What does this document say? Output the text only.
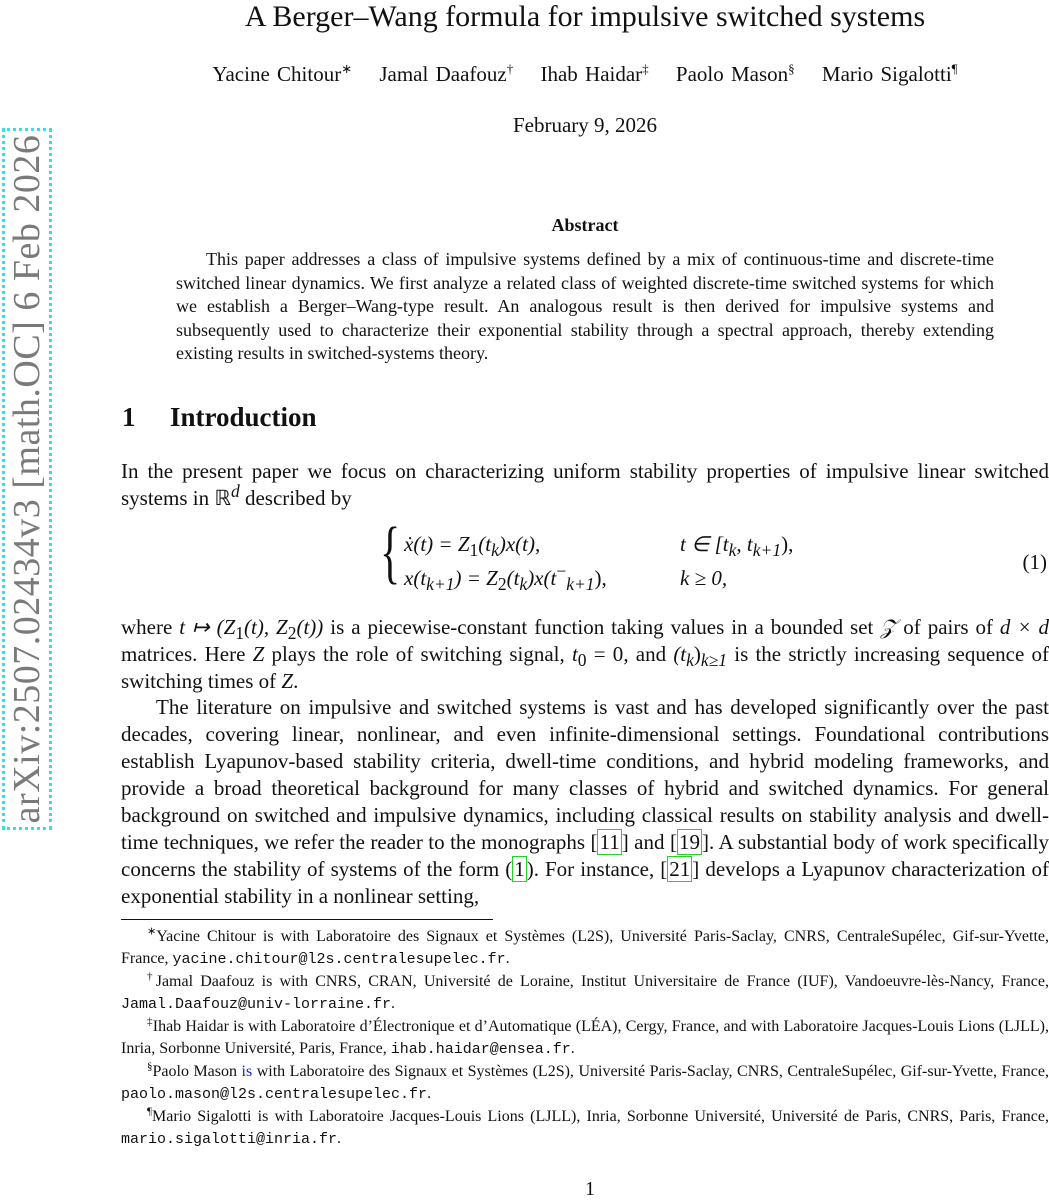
arXiv:2507.02434v3 [math.OC] 6 Feb 2026
A Berger–Wang formula for impulsive switched systems
Yacine Chitour∗ Jamal Daafouz† Ihab Haidar‡ Paolo Mason§ Mario Sigalotti¶
February 9, 2026
Abstract
This paper addresses a class of impulsive systems defined by a mix of continuous-time and discrete-time switched linear dynamics. We first analyze a related class of weighted discrete-time switched systems for which we establish a Berger–Wang-type result. An analogous result is then derived for impulsive systems and subsequently used to characterize their exponential stability through a spectral approach, thereby extending existing results in switched-systems theory.
1 Introduction
In the present paper we focus on characterizing uniform stability properties of impulsive linear switched systems in ℝ$^d$ described by
{ ẋ(t) = $Z_1(t_k)x(t)$,	t ∈ [$t_k$, $t_{k+1}$),
$x(t_{k+1}) = Z_2(t_k)x(t^-_{k+1})$,	k ≥ 0,
(1)
where t ↦ ($Z_1(t)$, $Z_2(t)$) is a piecewise-constant function taking values in a bounded set 𝒵 of pairs of d × d matrices. Here Z plays the role of switching signal, $t_0 = 0$, and $(t_k)_{k\ge 1}$ is the strictly increasing sequence of switching times of Z.
The literature on impulsive and switched systems is vast and has developed significantly over the past decades, covering linear, nonlinear, and even infinite-dimensional settings. Foundational contributions establish Lyapunov-based stability criteria, dwell-time conditions, and hybrid modeling frameworks, and provide a broad theoretical background for many classes of hybrid and switched dynamics. For general background on switched and impulsive dynamics, including classical results on stability analysis and dwell-time techniques, we refer the reader to the monographs [11] and [19]. A substantial body of work specifically concerns the stability of systems of the form (1). For instance, [21] develops a Lyapunov characterization of exponential stability in a nonlinear setting,

∗Yacine Chitour is with Laboratoire des Signaux et Systèmes (L2S), Université Paris-Saclay, CNRS, CentraleSupélec, Gif-sur-Yvette, France, yacine.chitour@l2s.centralesupelec.fr.

†Jamal Daafouz is with CNRS, CRAN, Université de Loraine, Institut Universitaire de France (IUF), Vandoeuvre-lès-Nancy, France, Jamal.Daafouz@univ-lorraine.fr.

‡Ihab Haidar is with Laboratoire d’Électronique et d’Automatique (LÉA), Cergy, France, and with Laboratoire Jacques-Louis Lions (LJLL), Inria, Sorbonne Université, Paris, France, ihab.haidar@ensea.fr.

§Paolo Mason is with Laboratoire des Signaux et Systèmes (L2S), Université Paris-Saclay, CNRS, CentraleSupélec, Gif-sur-Yvette, France, paolo.mason@l2s.centralesupelec.fr.

¶Mario Sigalotti is with Laboratoire Jacques-Louis Lions (LJLL), Inria, Sorbonne Université, Université de Paris, CNRS, Paris, France, mario.sigalotti@inria.fr.

1
